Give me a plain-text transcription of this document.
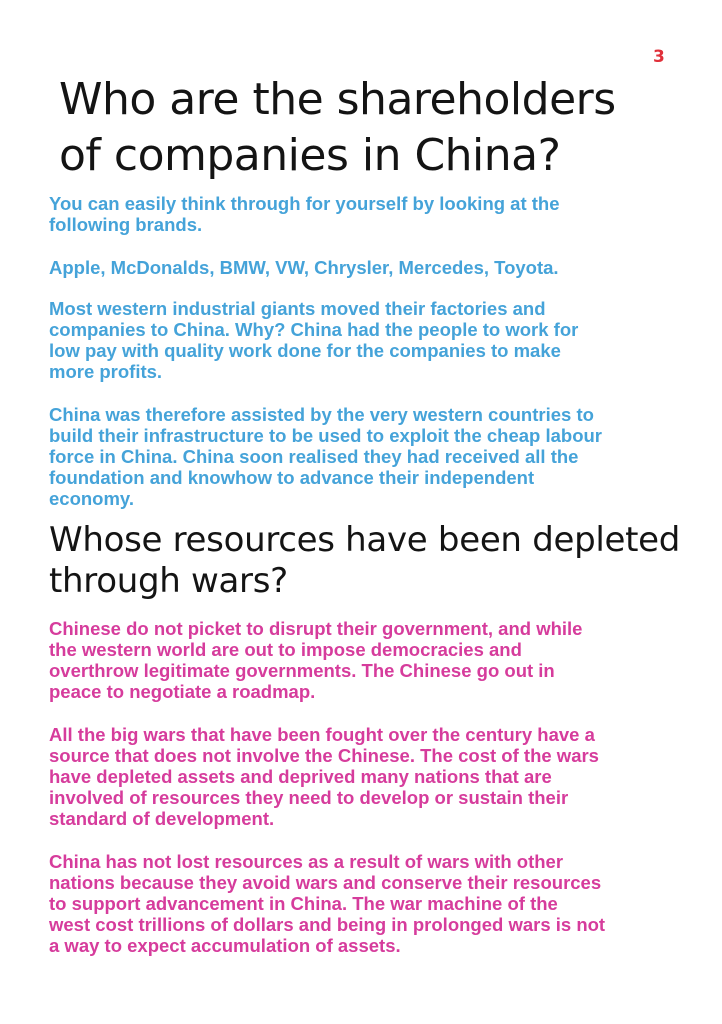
3
Who are the shareholders
of companies in China?

You can easily think through for yourself by looking at the
following brands.

Apple, McDonalds, BMW, VW, Chrysler, Mercedes, Toyota.

Most western industrial giants moved their factories and
companies to China. Why? China had the people to work for
low pay with quality work done for the companies to make
more profits.

China was therefore assisted by the very western countries to
build their infrastructure to be used to exploit the cheap labour
force in China. China soon realised they had received all the
foundation and knowhow to advance their independent
economy.

Whose resources have been depleted
through wars?

Chinese do not picket to disrupt their government, and while
the western world are out to impose democracies and
overthrow legitimate governments. The Chinese go out in
peace to negotiate a roadmap.

All the big wars that have been fought over the century have a
source that does not involve the Chinese. The cost of the wars
have depleted assets and deprived many nations that are
involved of resources they need to develop or sustain their
standard of development.

China has not lost resources as a result of wars with other
nations because they avoid wars and conserve their resources
to support advancement in China. The war machine of the
west cost trillions of dollars and being in prolonged wars is not
a way to expect accumulation of assets.
